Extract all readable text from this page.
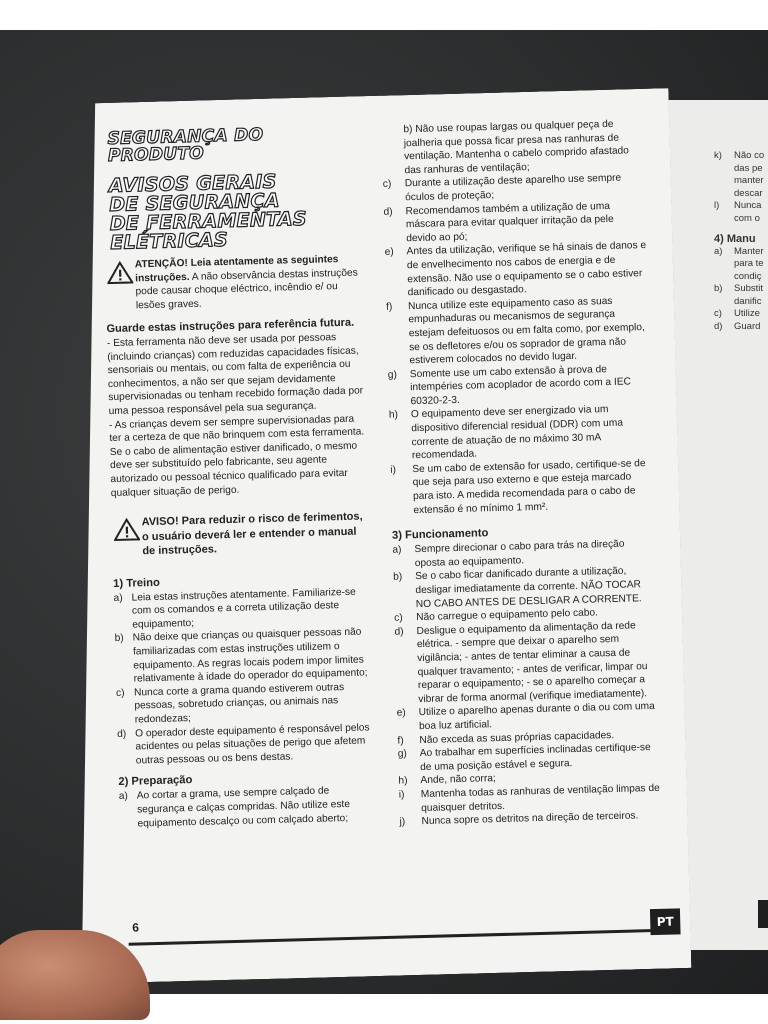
SEGURANÇA DO PRODUTO
AVISOS GERAIS DE SEGURANÇA DE FERRAMENTAS ELÉTRICAS

ATENÇÃO! Leia atentamente as seguintes instruções. A não observância destas instruções pode causar choque eléctrico, incêndio e/ ou lesões graves.

Guarde estas instruções para referência futura.

- Esta ferramenta não deve ser usada por pessoas (incluindo crianças) com reduzidas capacidades físicas, sensoriais ou mentais, ou com falta de experiência ou conhecimentos, a não ser que sejam devidamente supervisionadas ou tenham recebido formação dada por uma pessoa responsável pela sua segurança.

- As crianças devem ser sempre supervisionadas para ter a certeza de que não brinquem com esta ferramenta.

Se o cabo de alimentação estiver danificado, o mesmo deve ser substituído pelo fabricante, seu agente autorizado ou pessoal técnico qualificado para evitar qualquer situação de perigo.

AVISO! Para reduzir o risco de ferimentos, o usuário deverá ler e entender o manual de instruções.

1) Treino
a) Leia estas instruções atentamente. Familiarize-se com os comandos e a correta utilização deste equipamento;
b) Não deixe que crianças ou quaisquer pessoas não familiarizadas com estas instruções utilizem o equipamento. As regras locais podem impor limites relativamente à idade do operador do equipamento;
c) Nunca corte a grama quando estiverem outras pessoas, sobretudo crianças, ou animais nas redondezas;
d) O operador deste equipamento é responsável pelos acidentes ou pelas situações de perigo que afetem outras pessoas ou os bens destas.
2) Preparação
a) Ao cortar a grama, use sempre calçado de segurança e calças compridas. Não utilize este equipamento descalço ou com calçado aberto;
b) Não use roupas largas ou qualquer peça de joalheria que possa ficar presa nas ranhuras de ventilação. Mantenha o cabelo comprido afastado das ranhuras de ventilação;
c) Durante a utilização deste aparelho use sempre óculos de proteção;
d) Recomendamos também a utilização de uma máscara para evitar qualquer irritação da pele devido ao pó;
e) Antes da utilização, verifique se há sinais de danos e de envelhecimento nos cabos de energia e de extensão. Não use o equipamento se o cabo estiver danificado ou desgastado.
f) Nunca utilize este equipamento caso as suas empunhaduras ou mecanismos de segurança estejam defeituosos ou em falta como, por exemplo, se os defletores e/ou os soprador de grama não estiverem colocados no devido lugar.
g) Somente use um cabo extensão à prova de intempéries com acoplador de acordo com a IEC 60320-2-3.
h) O equipamento deve ser energizado via um dispositivo diferencial residual (DDR) com uma corrente de atuação de no máximo 30 mA recomendada.
i) Se um cabo de extensão for usado, certifique-se de que seja para uso externo e que esteja marcado para isto. A medida recomendada para o cabo de extensão é no mínimo 1 mm².
3) Funcionamento
a) Sempre direcionar o cabo para trás na direção oposta ao equipamento.
b) Se o cabo ficar danificado durante a utilização, desligar imediatamente da corrente. NÃO TOCAR NO CABO ANTES DE DESLIGAR A CORRENTE.
c) Não carregue o equipamento pelo cabo.
d) Desligue o equipamento da alimentação da rede elétrica. - sempre que deixar o aparelho sem vigilância; - antes de tentar eliminar a causa de qualquer travamento; - antes de verificar, limpar ou reparar o equipamento; - se o aparelho começar a vibrar de forma anormal (verifique imediatamente).
e) Utilize o aparelho apenas durante o dia ou com uma boa luz artificial.
f) Não exceda as suas próprias capacidades.
g) Ao trabalhar em superfícies inclinadas certifique-se de uma posição estável e segura.
h) Ande, não corra;
i) Mantenha todas as ranhuras de ventilação limpas de quaisquer detritos.
j) Nunca sopre os detritos na direção de terceiros.
6	PT
k) Não co das pe manter descar
l) Nunca com o
4) Manu
a) Manter para te condiç
b) Substit danific
c) Utilize
d) Guard
